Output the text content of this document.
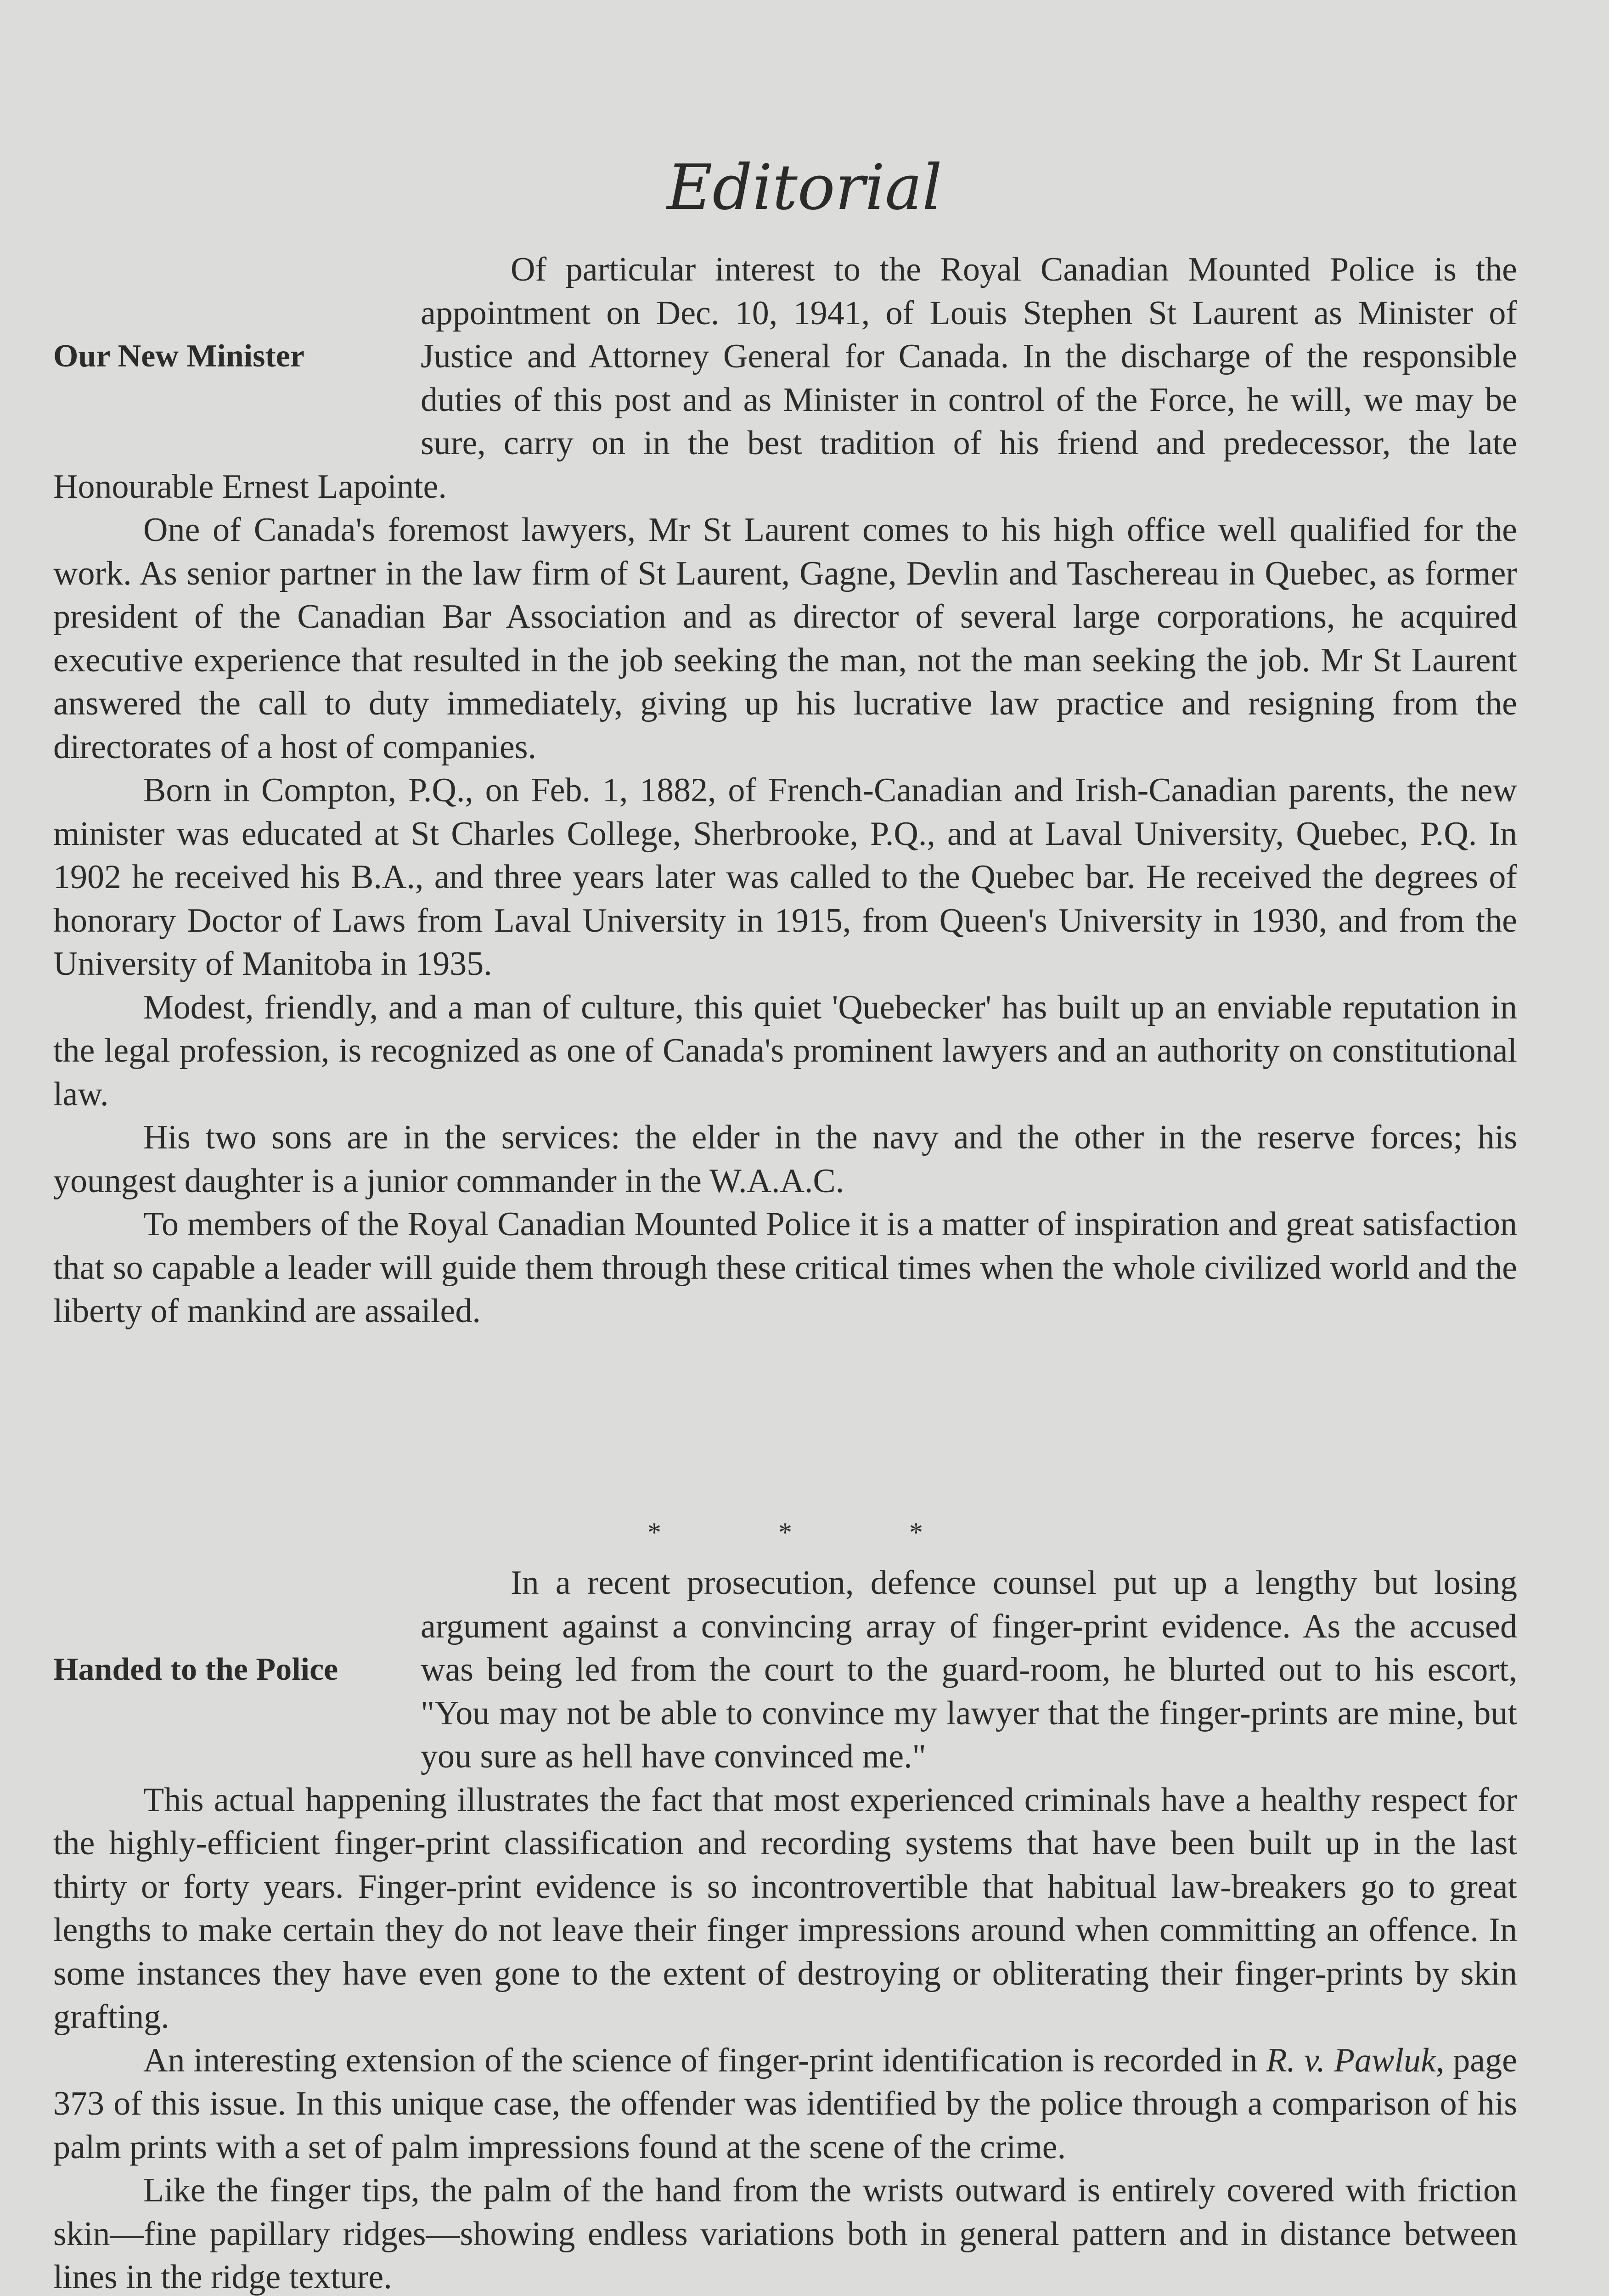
Editorial
Our New Minister

Of particular interest to the Royal Canadian Mounted Police is the appointment on Dec. 10, 1941, of Louis Stephen St Laurent as Minister of Justice and Attorney General for Canada. In the discharge of the responsible duties of this post and as Minister in control of the Force, he will, we may be sure, carry on in the best tradition of his friend and predecessor, the late Honourable Ernest Lapointe.

One of Canada's foremost lawyers, Mr St Laurent comes to his high office well qualified for the work. As senior partner in the law firm of St Laurent, Gagne, Devlin and Taschereau in Quebec, as former president of the Canadian Bar Association and as director of several large corporations, he acquired executive experience that resulted in the job seeking the man, not the man seeking the job. Mr St Laurent answered the call to duty immediately, giving up his lucrative law practice and resigning from the directorates of a host of companies.

Born in Compton, P.Q., on Feb. 1, 1882, of French-Canadian and Irish-Canadian parents, the new minister was educated at St Charles College, Sherbrooke, P.Q., and at Laval University, Quebec, P.Q. In 1902 he received his B.A., and three years later was called to the Quebec bar. He received the degrees of honorary Doctor of Laws from Laval University in 1915, from Queen's University in 1930, and from the University of Manitoba in 1935.

Modest, friendly, and a man of culture, this quiet 'Quebecker' has built up an enviable reputation in the legal profession, is recognized as one of Canada's prominent lawyers and an authority on constitutional law.

His two sons are in the services: the elder in the navy and the other in the reserve forces; his youngest daughter is a junior commander in the W.A.A.C.

To members of the Royal Canadian Mounted Police it is a matter of inspiration and great satisfaction that so capable a leader will guide them through these critical times when the whole civilized world and the liberty of mankind are assailed.

* * *
Handed to the Police

In a recent prosecution, defence counsel put up a lengthy but losing argument against a convincing array of finger-print evidence. As the accused was being led from the court to the guard-room, he blurted out to his escort, "You may not be able to convince my lawyer that the finger-prints are mine, but you sure as hell have convinced me."

This actual happening illustrates the fact that most experienced criminals have a healthy respect for the highly-efficient finger-print classification and recording systems that have been built up in the last thirty or forty years. Finger-print evidence is so incontrovertible that habitual law-breakers go to great lengths to make certain they do not leave their finger impressions around when committing an offence. In some instances they have even gone to the extent of destroying or obliterating their finger-prints by skin grafting.

An interesting extension of the science of finger-print identification is recorded in R. v. Pawluk, page 373 of this issue. In this unique case, the offender was identified by the police through a comparison of his palm prints with a set of palm impressions found at the scene of the crime.

Like the finger tips, the palm of the hand from the wrists outward is entirely covered with friction skin—fine papillary ridges—showing endless variations both in general pattern and in distance between lines in the ridge texture.
